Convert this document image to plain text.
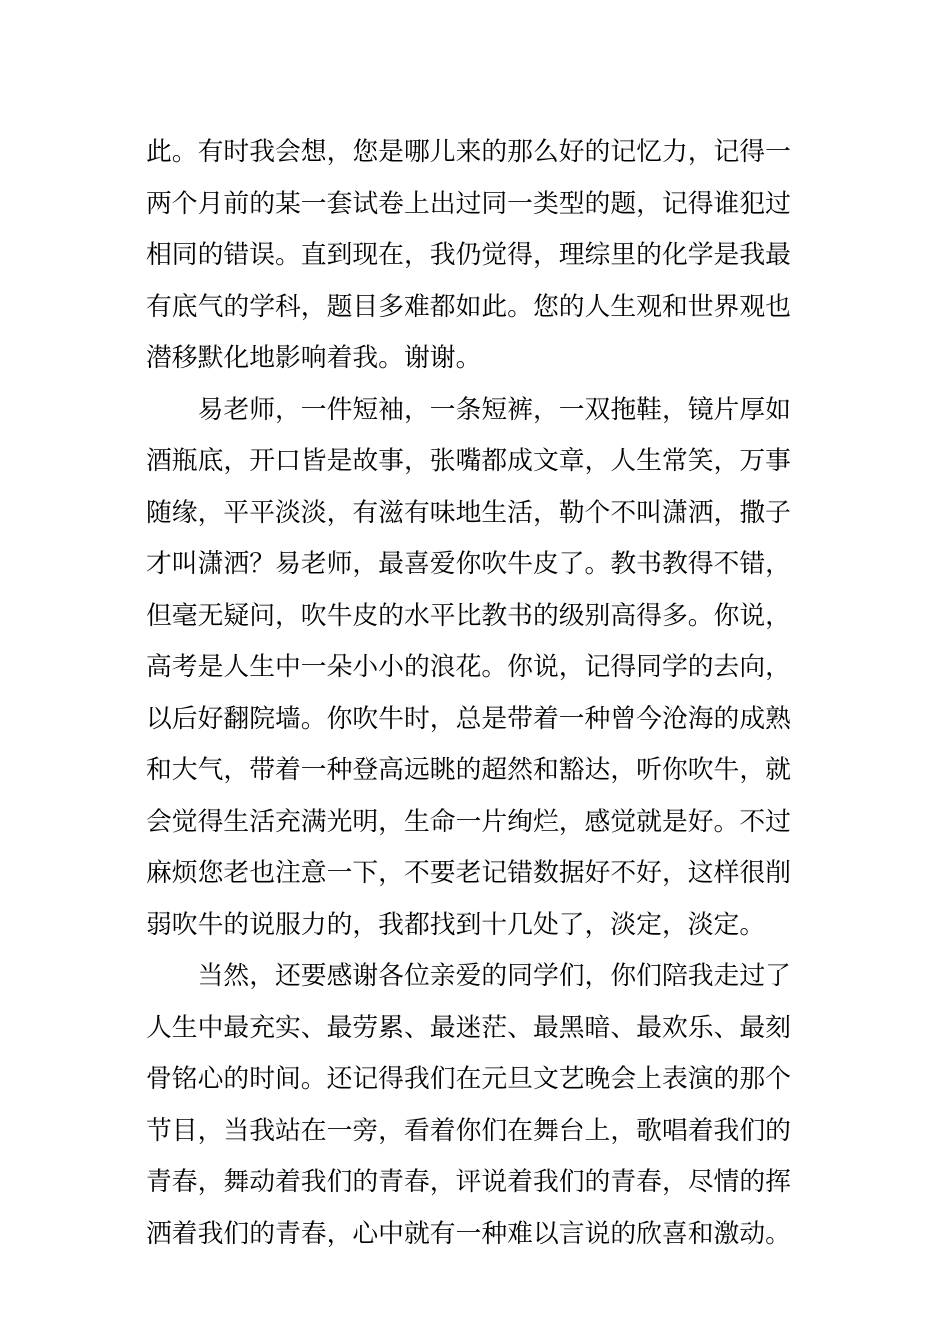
此。有时我会想，您是哪儿来的那么好的记忆力，记得一
两个月前的某一套试卷上出过同一类型的题，记得谁犯过
相同的错误。直到现在，我仍觉得，理综里的化学是我最
有底气的学科，题目多难都如此。您的人生观和世界观也
潜移默化地影响着我。谢谢。
　　易老师，一件短袖，一条短裤，一双拖鞋，镜片厚如
酒瓶底，开口皆是故事，张嘴都成文章，人生常笑，万事
随缘，平平淡淡，有滋有味地生活，勒个不叫潇洒，撒子
才叫潇洒？易老师，最喜爱你吹牛皮了。教书教得不错，
但毫无疑问，吹牛皮的水平比教书的级别高得多。你说，
高考是人生中一朵小小的浪花。你说，记得同学的去向，
以后好翻院墙。你吹牛时，总是带着一种曾今沧海的成熟
和大气，带着一种登高远眺的超然和豁达，听你吹牛，就
会觉得生活充满光明，生命一片绚烂，感觉就是好。不过
麻烦您老也注意一下，不要老记错数据好不好，这样很削
弱吹牛的说服力的，我都找到十几处了，淡定，淡定。
　　当然，还要感谢各位亲爱的同学们，你们陪我走过了
人生中最充实、最劳累、最迷茫、最黑暗、最欢乐、最刻
骨铭心的时间。还记得我们在元旦文艺晚会上表演的那个
节目，当我站在一旁，看着你们在舞台上，歌唱着我们的
青春，舞动着我们的青春，评说着我们的青春，尽情的挥
洒着我们的青春，心中就有一种难以言说的欣喜和激动。
